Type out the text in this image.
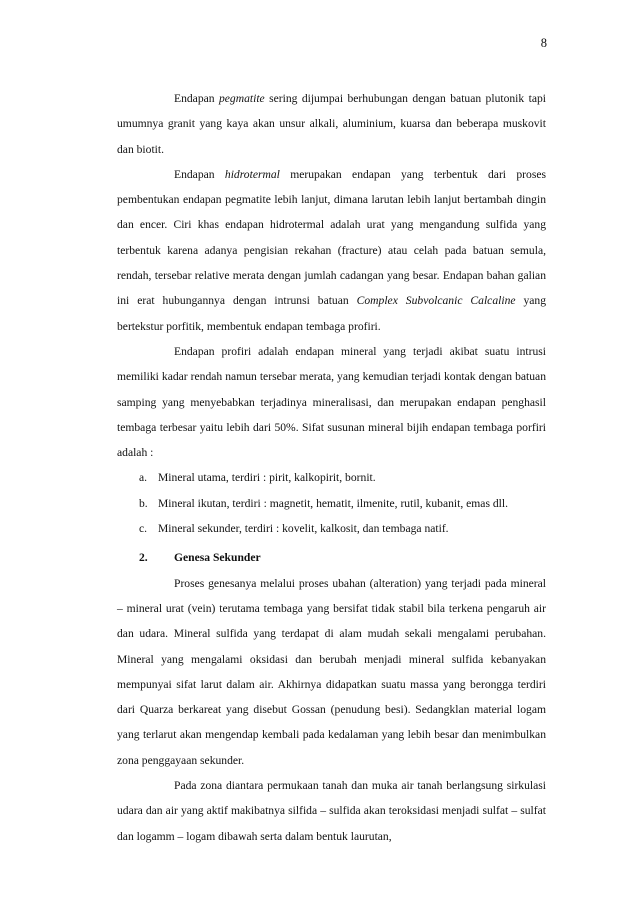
8

Endapan pegmatite sering dijumpai berhubungan dengan batuan plutonik tapi umumnya granit yang kaya akan unsur alkali, aluminium, kuarsa dan beberapa muskovit dan biotit.

Endapan hidrotermal merupakan endapan yang terbentuk dari proses pembentukan endapan pegmatite lebih lanjut, dimana larutan lebih lanjut bertambah dingin dan encer. Ciri khas endapan hidrotermal adalah urat yang mengandung sulfida yang terbentuk karena adanya pengisian rekahan (fracture) atau celah pada batuan semula, rendah, tersebar relative merata dengan jumlah cadangan yang besar. Endapan bahan galian ini erat hubungannya dengan intrunsi batuan Complex Subvolcanic Calcaline yang bertekstur porfitik, membentuk endapan tembaga profiri.

Endapan profiri adalah endapan mineral yang terjadi akibat suatu intrusi memiliki kadar rendah namun tersebar merata, yang kemudian terjadi kontak dengan batuan samping yang menyebabkan terjadinya mineralisasi, dan merupakan endapan penghasil tembaga terbesar yaitu lebih dari 50%. Sifat susunan mineral bijih endapan tembaga porfiri adalah :

a. Mineral utama, terdiri : pirit, kalkopirit, bornit.
b. Mineral ikutan, terdiri : magnetit, hematit, ilmenite, rutil, kubanit, emas dll.
c. Mineral sekunder, terdiri : kovelit, kalkosit, dan tembaga natif.
2. Genesa Sekunder

Proses genesanya melalui proses ubahan (alteration) yang terjadi pada mineral – mineral urat (vein) terutama tembaga yang bersifat tidak stabil bila terkena pengaruh air dan udara. Mineral sulfida yang terdapat di alam mudah sekali mengalami perubahan. Mineral yang mengalami oksidasi dan berubah menjadi mineral sulfida kebanyakan mempunyai sifat larut dalam air. Akhirnya didapatkan suatu massa yang berongga terdiri dari Quarza berkareat yang disebut Gossan (penudung besi). Sedangklan material logam yang terlarut akan mengendap kembali pada kedalaman yang lebih besar dan menimbulkan zona penggayaan sekunder.

Pada zona diantara permukaan tanah dan muka air tanah berlangsung sirkulasi udara dan air yang aktif makibatnya silfida – sulfida akan teroksidasi menjadi sulfat – sulfat dan logamm – logam dibawah serta dalam bentuk laurutan,
